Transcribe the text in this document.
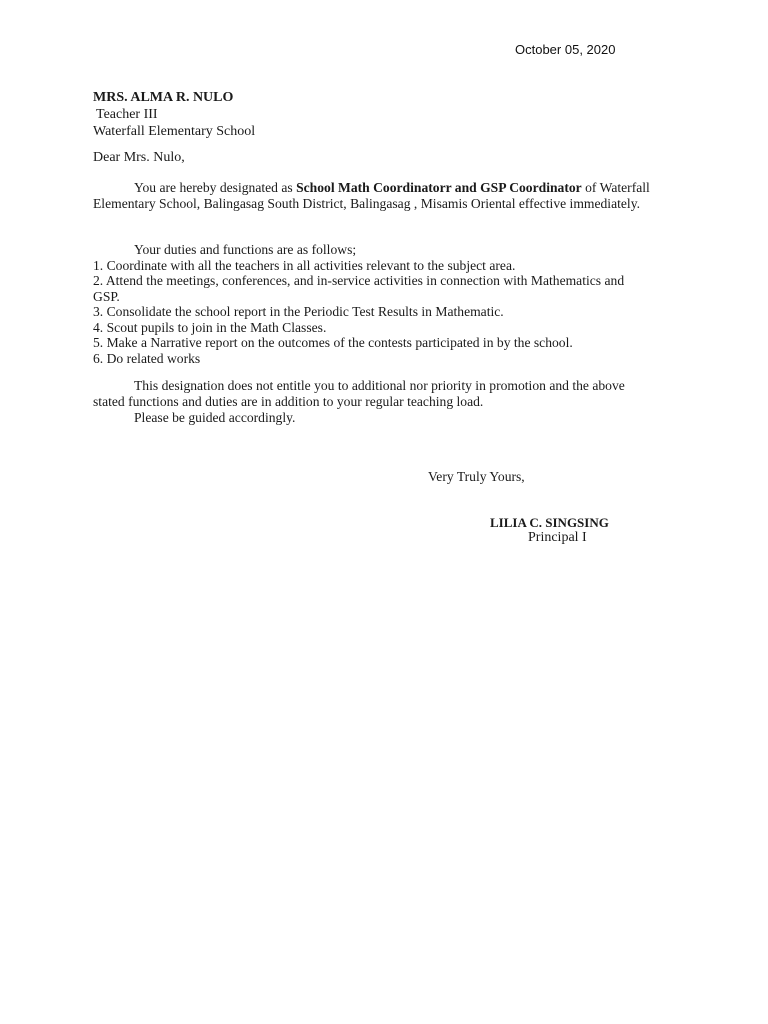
October 05, 2020
MRS. ALMA R. NULO
Teacher III
Waterfall Elementary School
Dear Mrs. Nulo,
You are hereby designated as School Math Coordinatorr and GSP Coordinator of Waterfall Elementary School, Balingasag South District, Balingasag , Misamis Oriental effective immediately.
Your duties and functions are as follows;
1. Coordinate with all the teachers in all activities relevant to the subject area.
2. Attend the meetings, conferences, and in-service activities in connection with Mathematics and GSP.
3. Consolidate the school report in the Periodic Test Results in Mathematic.
4. Scout pupils to join in the Math Classes.
5. Make a Narrative report on the outcomes of the contests participated in by the school.
6. Do related works
This designation does not entitle you to additional nor priority in promotion and the above stated functions and duties are in addition to your regular teaching load.
Please be guided accordingly.
Very Truly Yours,
LILIA C. SINGSING
Principal I
